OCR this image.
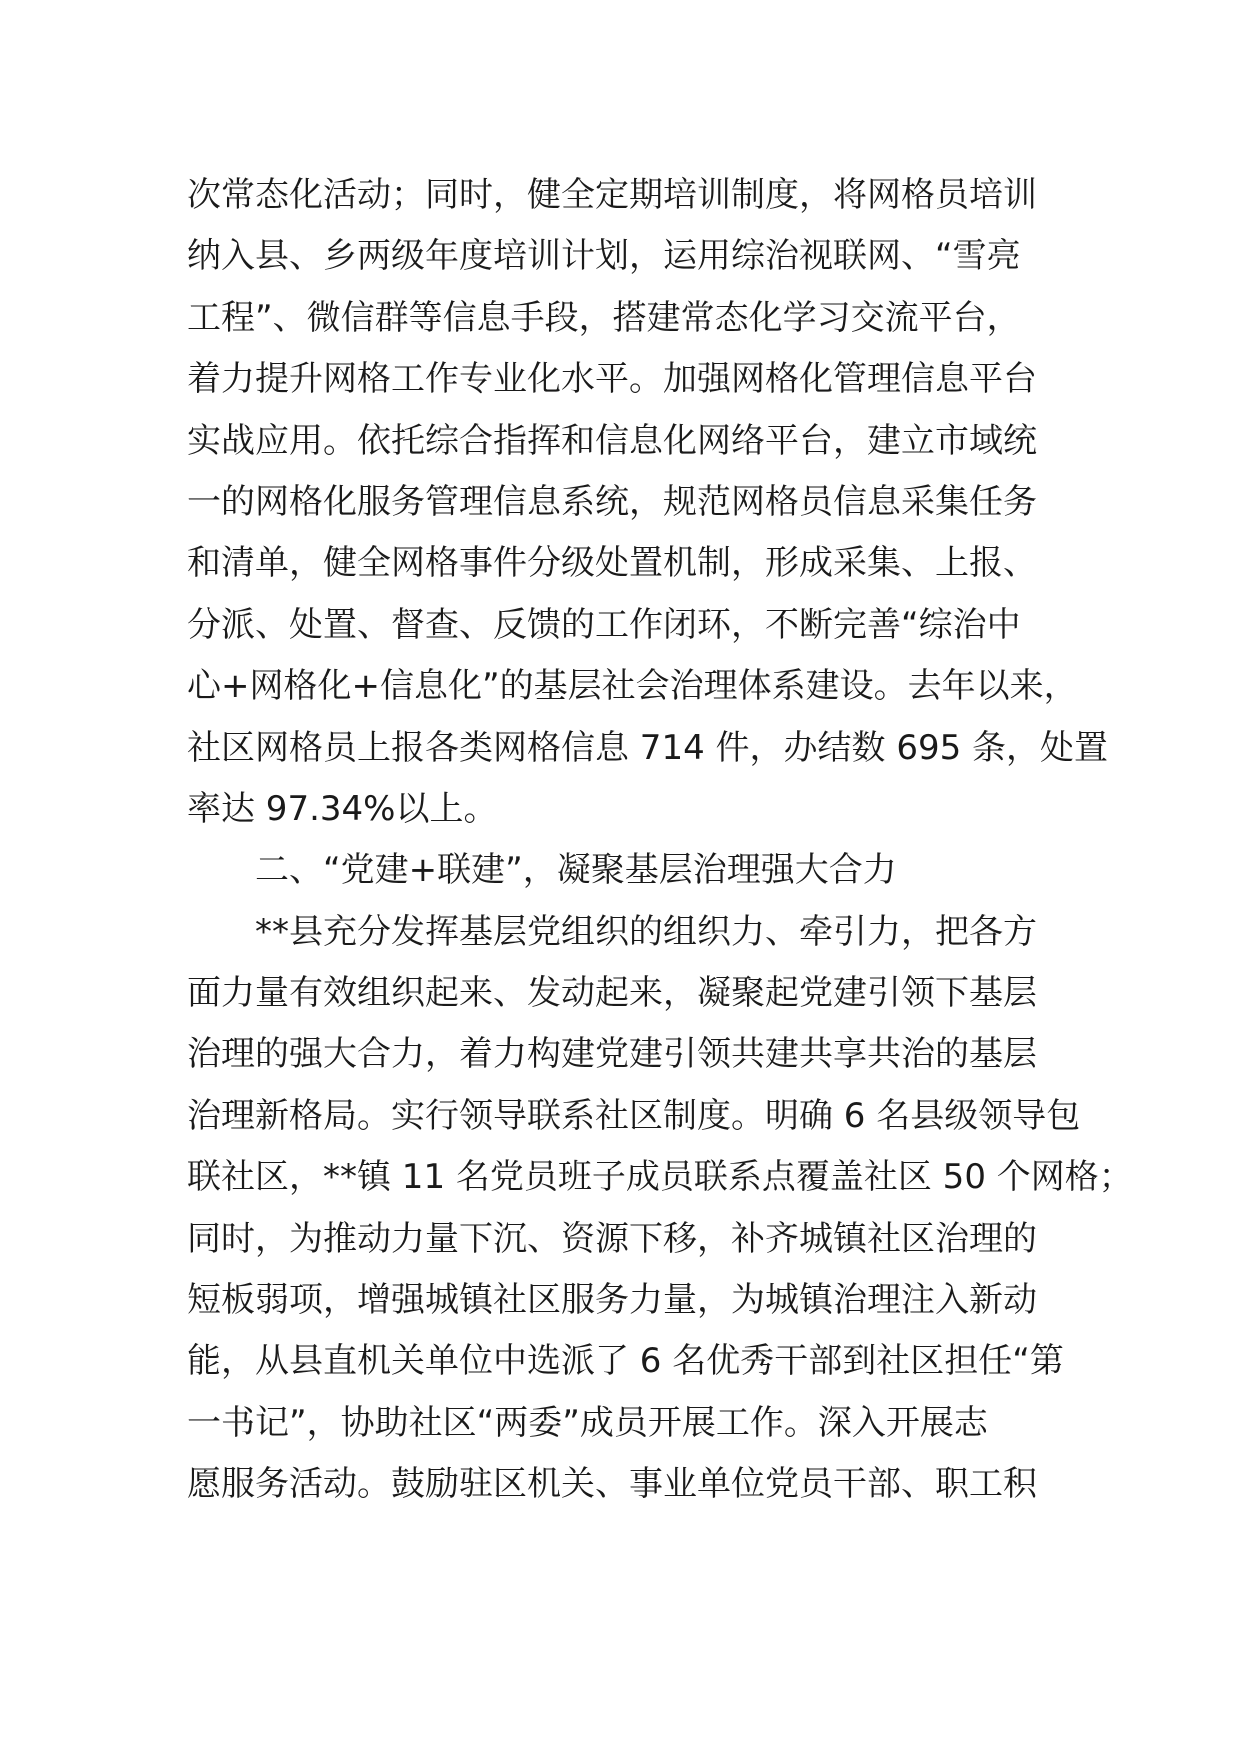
次常态化活动；同时，健全定期培训制度，将网格员培训
纳入县、乡两级年度培训计划，运用综治视联网、“雪亮
工程”、微信群等信息手段，搭建常态化学习交流平台，
着力提升网格工作专业化水平。加强网格化管理信息平台
实战应用。依托综合指挥和信息化网络平台，建立市域统
一的网格化服务管理信息系统，规范网格员信息采集任务
和清单，健全网格事件分级处置机制，形成采集、上报、
分派、处置、督查、反馈的工作闭环，不断完善“综治中
心+网格化+信息化”的基层社会治理体系建设。去年以来，
社区网格员上报各类网格信息 714 件，办结数 695 条，处置
率达 97.34%以上。
二、“党建+联建”，凝聚基层治理强大合力
**县充分发挥基层党组织的组织力、牵引力，把各方
面力量有效组织起来、发动起来，凝聚起党建引领下基层
治理的强大合力，着力构建党建引领共建共享共治的基层
治理新格局。实行领导联系社区制度。明确 6 名县级领导包
联社区，**镇 11 名党员班子成员联系点覆盖社区 50 个网格；
同时，为推动力量下沉、资源下移，补齐城镇社区治理的
短板弱项，增强城镇社区服务力量，为城镇治理注入新动
能，从县直机关单位中选派了 6 名优秀干部到社区担任“第
一书记”，协助社区“两委”成员开展工作。深入开展志
愿服务活动。鼓励驻区机关、事业单位党员干部、职工积
